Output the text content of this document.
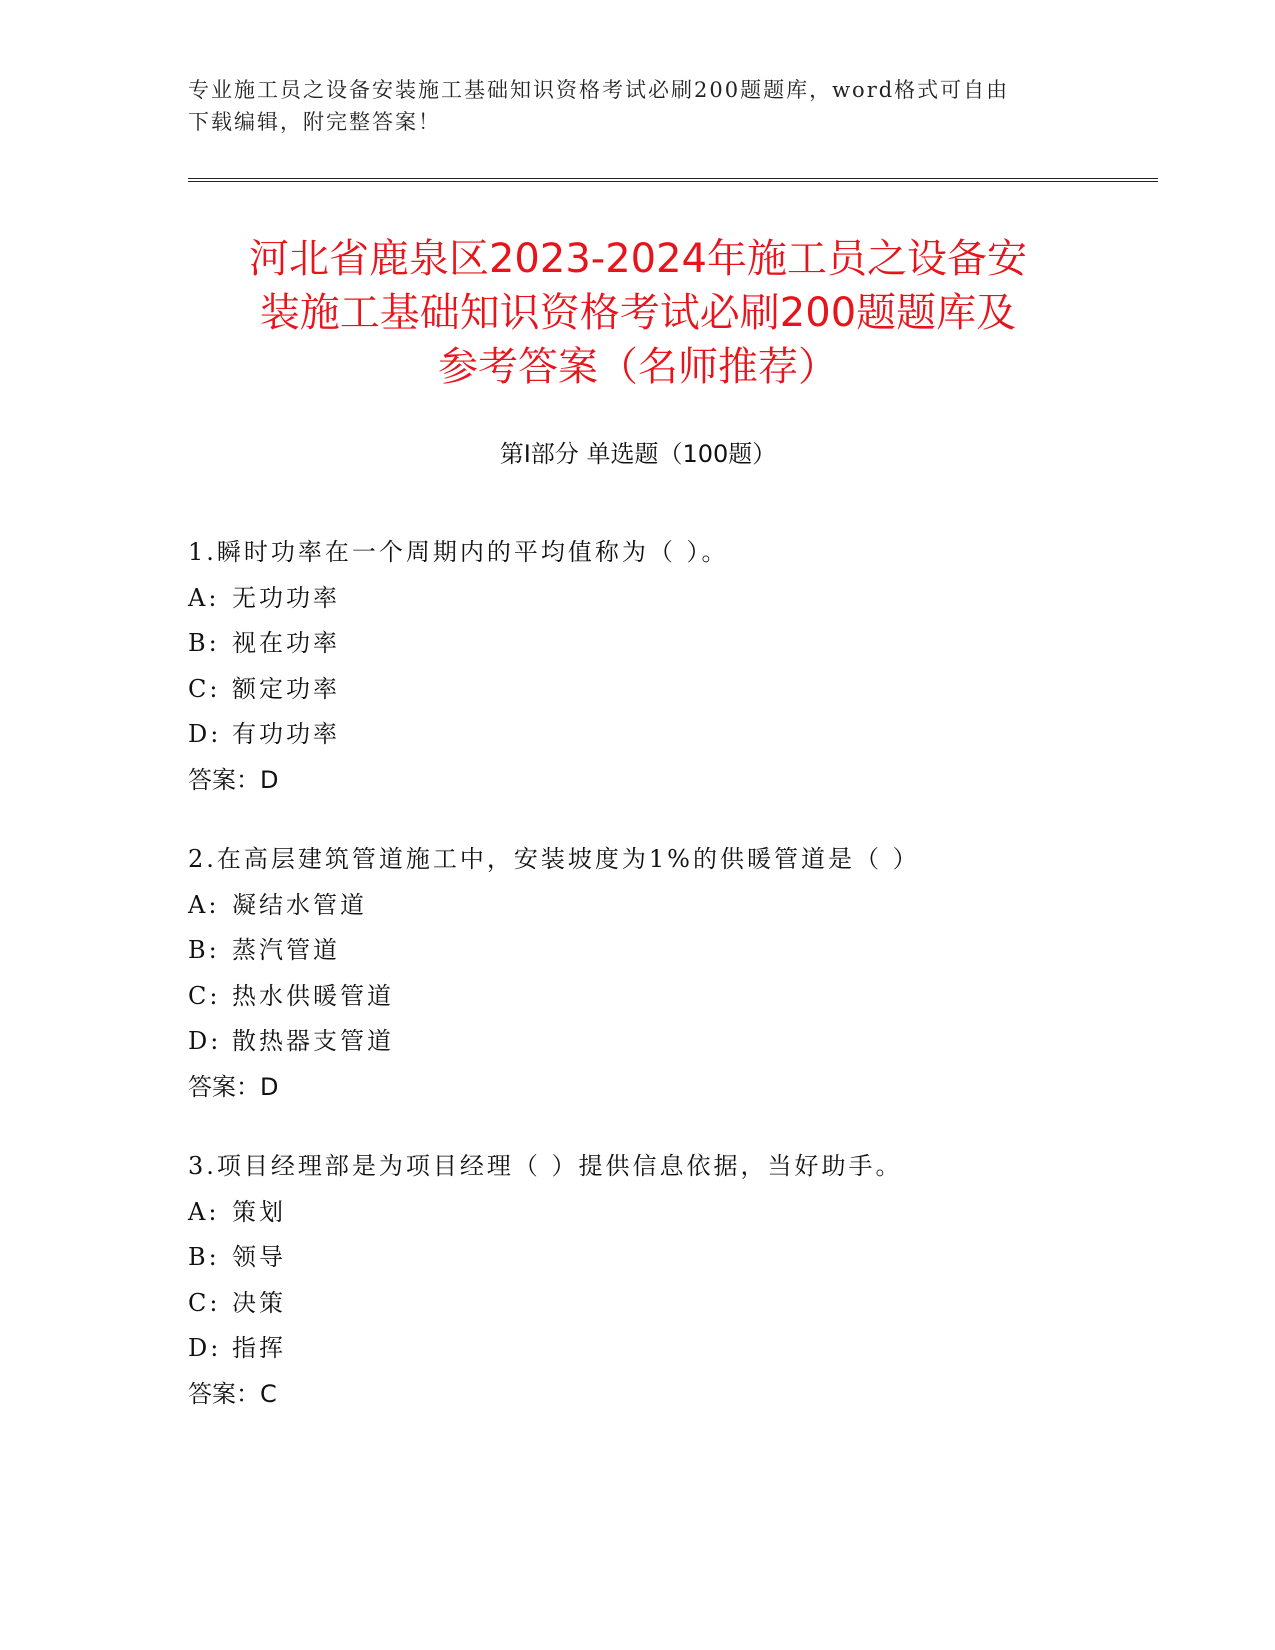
专业施工员之设备安装施工基础知识资格考试必刷200题题库，word格式可自由
下载编辑，附完整答案！
河北省鹿泉区2023-2024年施工员之设备安
装施工基础知识资格考试必刷200题题库及
参考答案（名师推荐）
第Ⅰ部分 单选题（100题）
1.瞬时功率在一个周期内的平均值称为（ ）。
A: 无功功率
B: 视在功率
C: 额定功率
D: 有功功率
答案：D
2.在高层建筑管道施工中，安装坡度为1%的供暖管道是（ ）
A: 凝结水管道
B: 蒸汽管道
C: 热水供暖管道
D: 散热器支管道
答案：D
3.项目经理部是为项目经理（ ）提供信息依据，当好助手。
A: 策划
B: 领导
C: 决策
D: 指挥
答案：C
